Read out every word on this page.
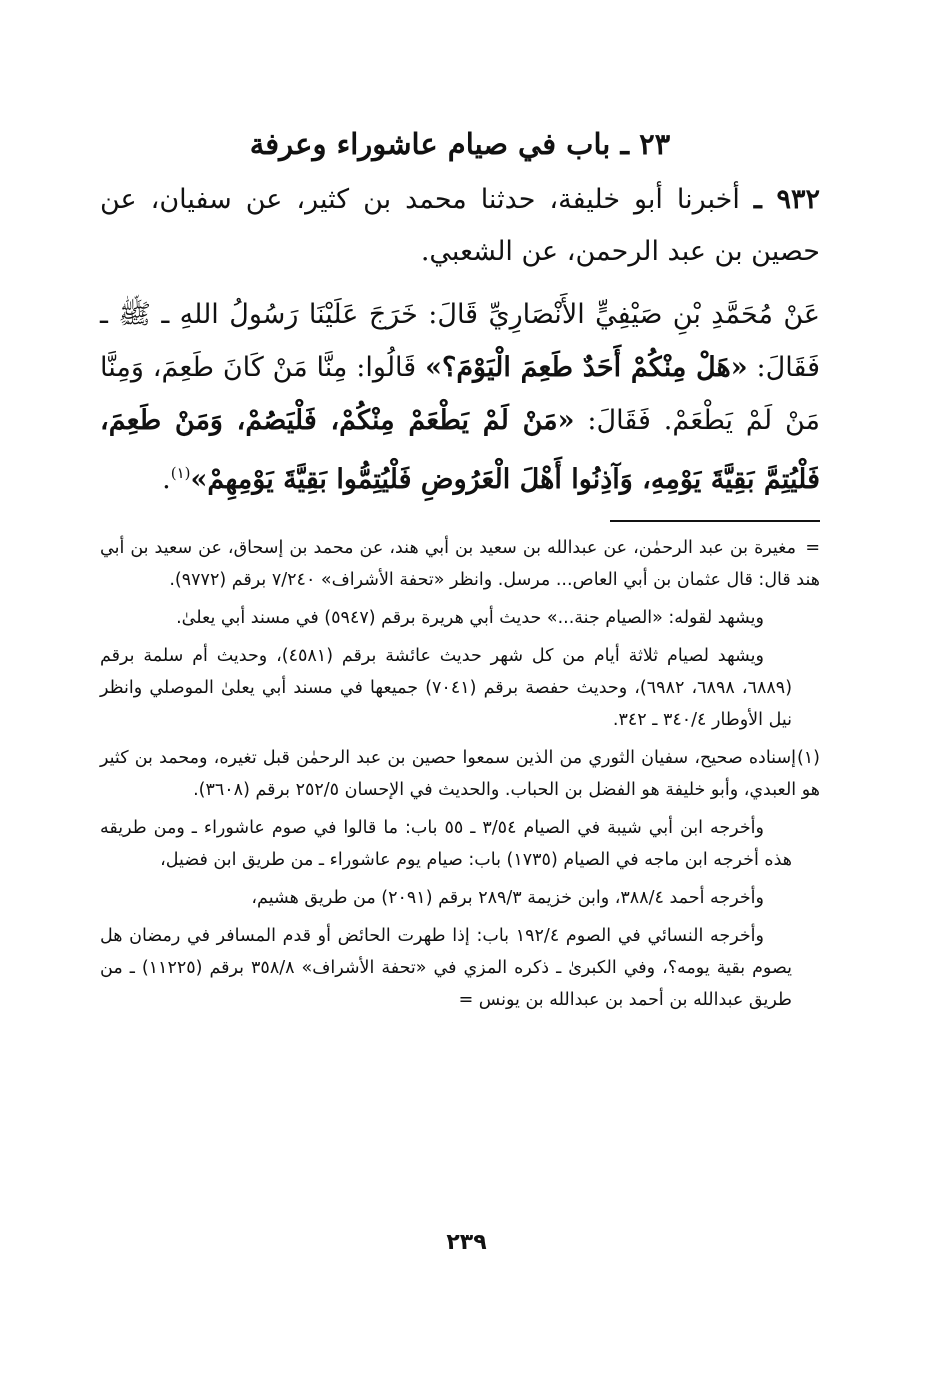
٢٣ ـ باب في صيام عاشوراء وعرفة

٩٣٢ ـ أخبرنا أبو خليفة، حدثنا محمد بن كثير، عن سفيان، عن حصين بن عبد الرحمن، عن الشعبي.

عَنْ مُحَمَّدِ بْنِ صَيْفِيٍّ الأَنْصَارِيِّ قَالَ: خَرَجَ عَلَيْنَا رَسُولُ اللهِ ـ ﷺ ـ فَقَالَ: «هَلْ مِنْكُمْ أَحَدٌ طَعِمَ الْيَوْمَ؟» قَالُوا: مِنَّا مَنْ كَانَ طَعِمَ، وَمِنَّا مَنْ لَمْ يَطْعَمْ. فَقَالَ: «مَنْ لَمْ يَطْعَمْ مِنْكُمْ، فَلْيَصُمْ، وَمَنْ طَعِمَ، فَلْيُتِمَّ بَقِيَّةَ يَوْمِهِ، وَآذِنُوا أَهْلَ الْعَرُوضِ فَلْيُتِمُّوا بَقِيَّةَ يَوْمِهِمْ»$^{(١)}$.

=مغيرة بن عبد الرحمٰن، عن عبدالله بن سعيد بن أبي هند، عن محمد بن إسحاق، عن سعيد بن أبي هند قال: قال عثمان بن أبي العاص... مرسل. وانظر «تحفة الأشراف» ٧/٢٤٠ برقم (٩٧٧٢).

ويشهد لقوله: «الصيام جنة...» حديث أبي هريرة برقم (٥٩٤٧) في مسند أبي يعلىٰ.

ويشهد لصيام ثلاثة أيام من كل شهر حديث عائشة برقم (٤٥٨١)، وحديث أم سلمة برقم (٦٨٨٩، ٦٨٩٨، ٦٩٨٢)، وحديث حفصة برقم (٧٠٤١) جميعها في مسند أبي يعلىٰ الموصلي وانظر نيل الأوطار ٣٤٠/٤ ـ ٣٤٢.

(١)إسناده صحيح، سفيان الثوري من الذين سمعوا حصين بن عبد الرحمٰن قبل تغيره، ومحمد بن كثير هو العبدي، وأبو خليفة هو الفضل بن الحباب. والحديث في الإحسان ٢٥٢/٥ برقم (٣٦٠٨).

وأخرجه ابن أبي شيبة في الصيام ٣/٥٤ ـ ٥٥ باب: ما قالوا في صوم عاشوراء ـ ومن طريقه هذه أخرجه ابن ماجه في الصيام (١٧٣٥) باب: صيام يوم عاشوراء ـ من طريق ابن فضيل،

وأخرجه أحمد ٣٨٨/٤، وابن خزيمة ٢٨٩/٣ برقم (٢٠٩١) من طريق هشيم،

وأخرجه النسائي في الصوم ١٩٢/٤ باب: إذا طهرت الحائض أو قدم المسافر في رمضان هل يصوم بقية يومه؟، وفي الكبرىٰ ـ ذكره المزي في «تحفة الأشراف» ٣٥٨/٨ برقم (١١٢٢٥) ـ من طريق عبدالله بن أحمد بن عبدالله بن يونس =

٢٣٩
